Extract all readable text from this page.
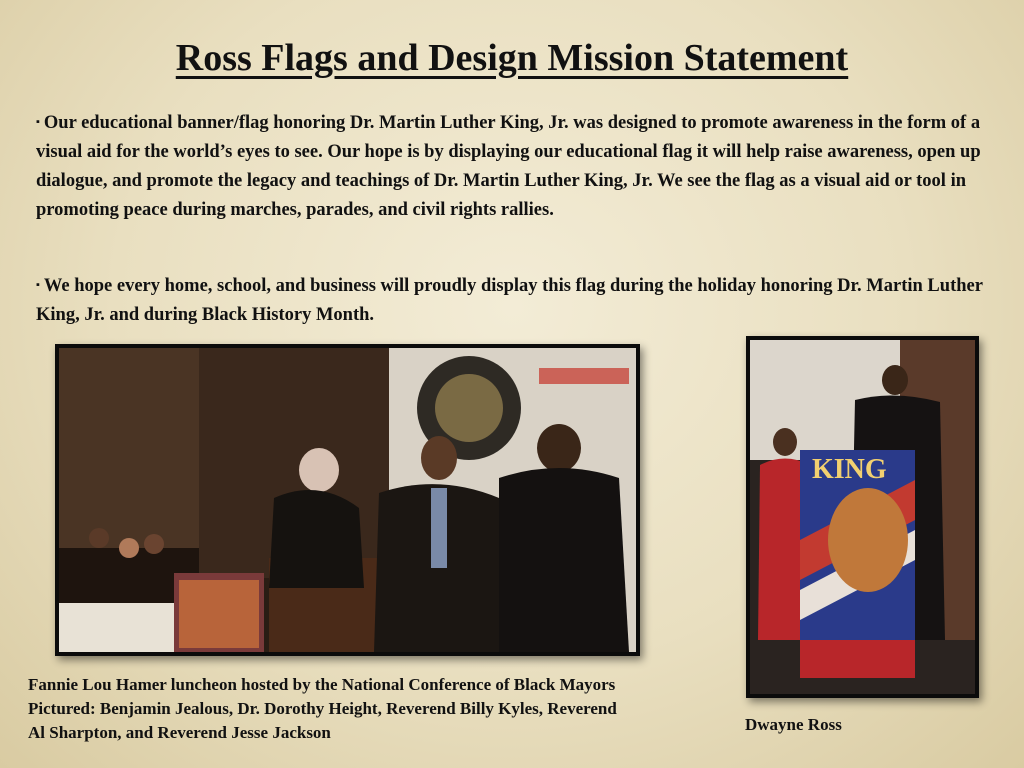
Ross Flags and Design Mission Statement
▪ Our educational banner/flag honoring Dr. Martin Luther King, Jr. was designed to promote awareness in the form of a visual aid for the world’s eyes to see. Our hope is by displaying our educational flag it will help raise awareness, open up dialogue, and promote the legacy and teachings of Dr. Martin Luther King, Jr. We see the flag as a visual aid or tool in promoting peace during marches, parades, and civil rights rallies.
▪ We hope every home, school, and business will proudly display this flag during the holiday honoring Dr. Martin Luther King, Jr. and during Black History Month.
KING
Fannie Lou Hamer luncheon hosted by the National Conference of Black Mayors
Pictured: Benjamin Jealous, Dr. Dorothy Height, Reverend Billy Kyles, Reverend
Al Sharpton, and Reverend Jesse Jackson	Dwayne Ross
